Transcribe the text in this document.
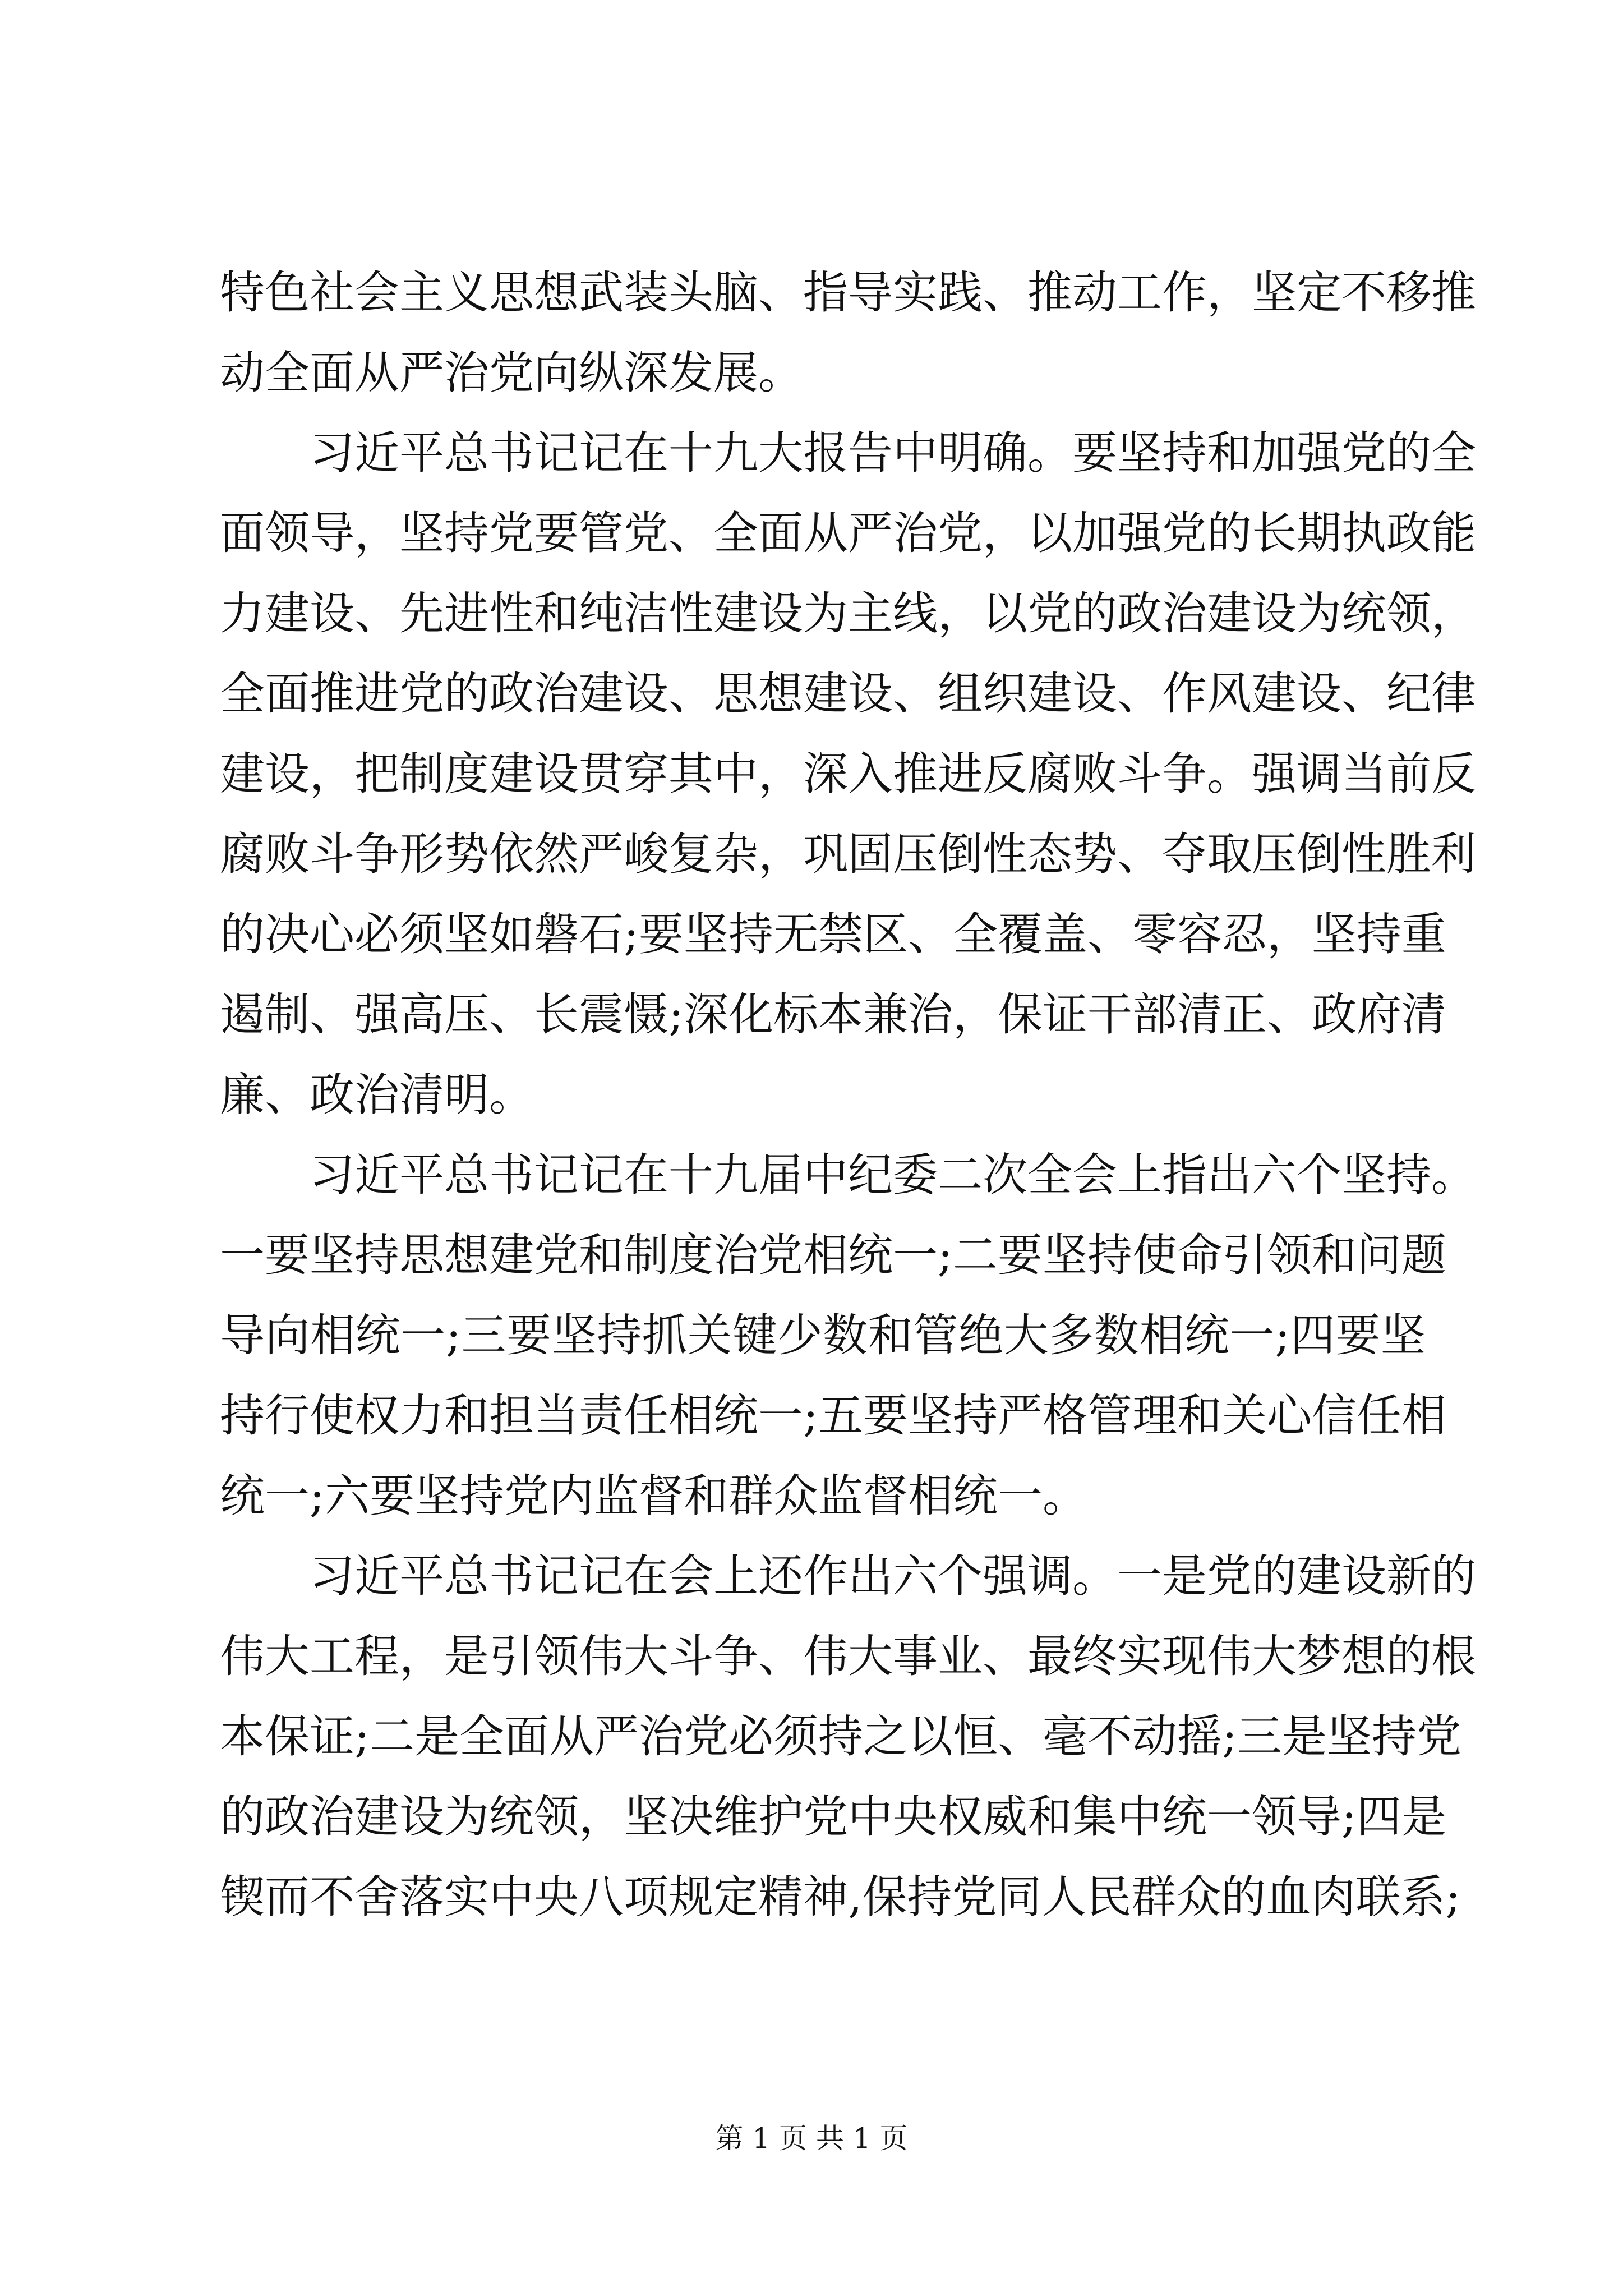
特色社会主义思想武装头脑、指导实践、推动工作，坚定不移推
动全面从严治党向纵深发展。
习近平总书记记在十九大报告中明确。要坚持和加强党的全
面领导，坚持党要管党、全面从严治党，以加强党的长期执政能
力建设、先进性和纯洁性建设为主线，以党的政治建设为统领，
全面推进党的政治建设、思想建设、组织建设、作风建设、纪律
建设，把制度建设贯穿其中，深入推进反腐败斗争。强调当前反
腐败斗争形势依然严峻复杂，巩固压倒性态势、夺取压倒性胜利
的决心必须坚如磐石;要坚持无禁区、全覆盖、零容忍，坚持重
遏制、强高压、长震慑;深化标本兼治，保证干部清正、政府清
廉、政治清明。
习近平总书记记在十九届中纪委二次全会上指出六个坚持。
一要坚持思想建党和制度治党相统一;二要坚持使命引领和问题
导向相统一;三要坚持抓关键少数和管绝大多数相统一;四要坚
持行使权力和担当责任相统一;五要坚持严格管理和关心信任相
统一;六要坚持党内监督和群众监督相统一。
习近平总书记记在会上还作出六个强调。一是党的建设新的
伟大工程，是引领伟大斗争、伟大事业、最终实现伟大梦想的根
本保证;二是全面从严治党必须持之以恒、毫不动摇;三是坚持党
的政治建设为统领，坚决维护党中央权威和集中统一领导;四是
锲而不舍落实中央八项规定精神,保持党同人民群众的血肉联系;
第 1 页 共 1 页
